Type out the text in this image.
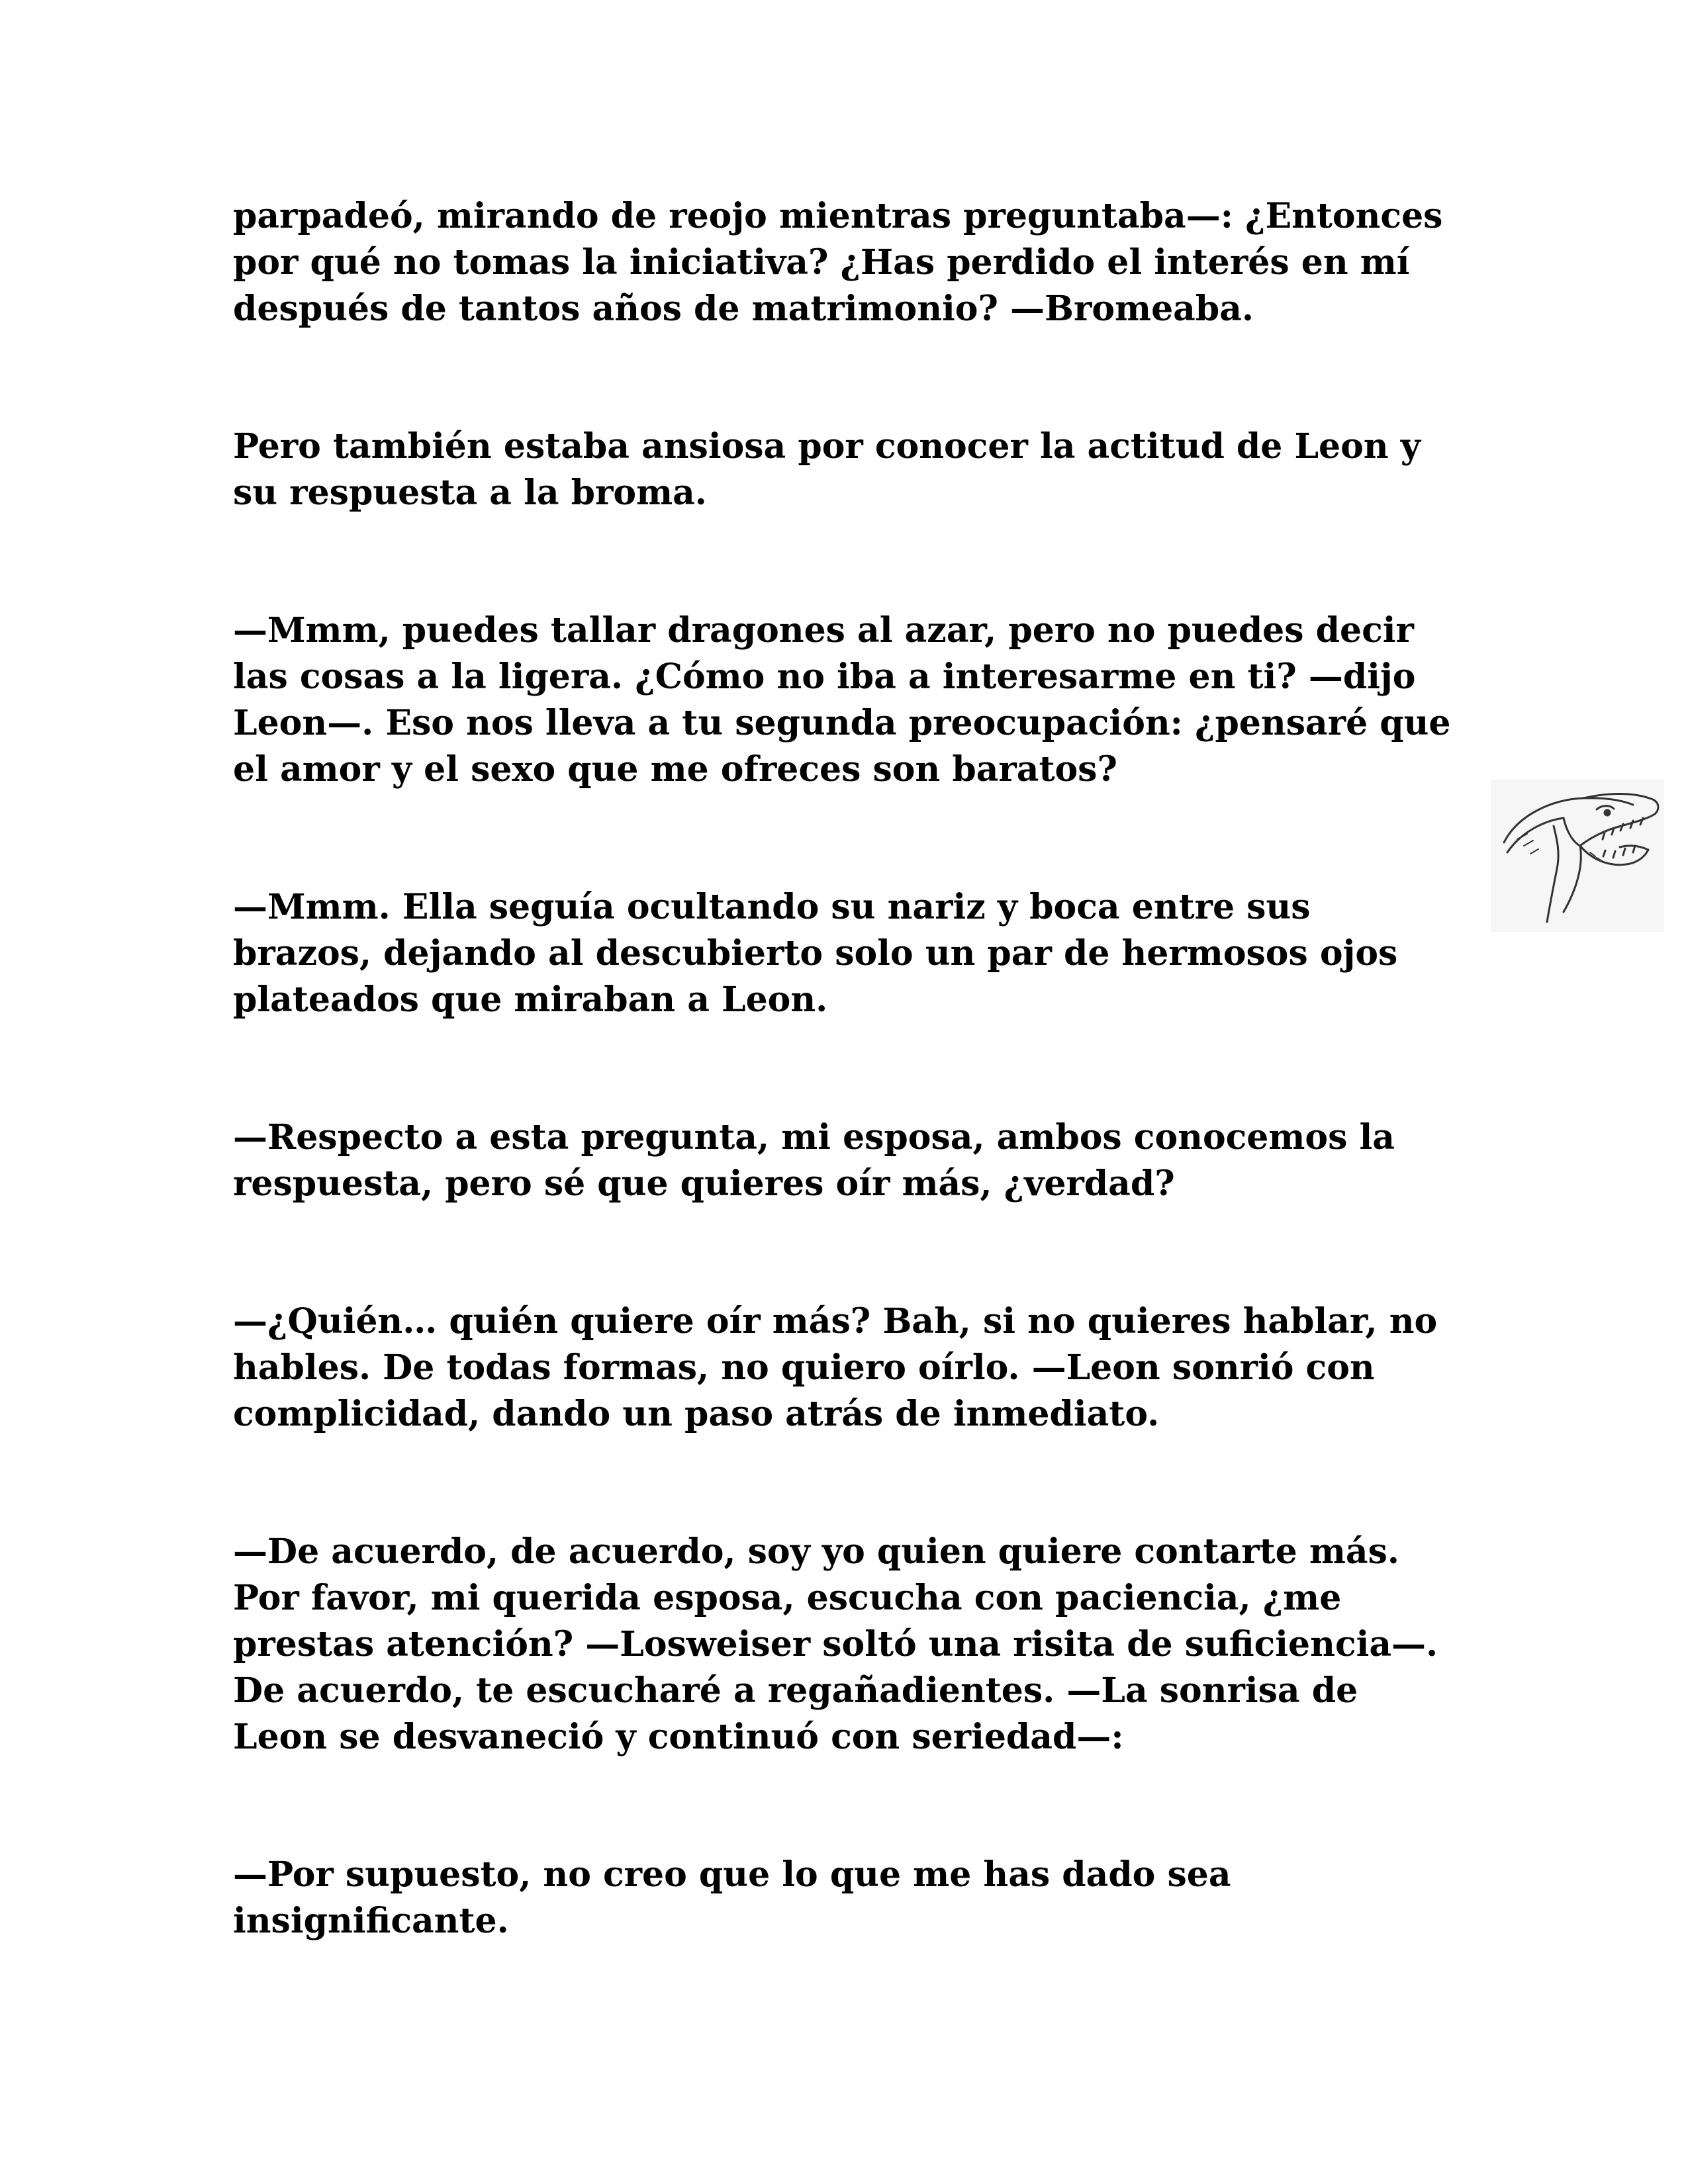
parpadeó, mirando de reojo mientras preguntaba—: ¿Entonces por qué no tomas la iniciativa? ¿Has perdido el interés en mí después de tantos años de matrimonio? —Bromeaba.

Pero también estaba ansiosa por conocer la actitud de Leon y su respuesta a la broma.

—Mmm, puedes tallar dragones al azar, pero no puedes decir las cosas a la ligera. ¿Cómo no iba a interesarme en ti? —dijo Leon—. Eso nos lleva a tu segunda preocupación: ¿pensaré que el amor y el sexo que me ofreces son baratos?

—Mmm. Ella seguía ocultando su nariz y boca entre sus brazos, dejando al descubierto solo un par de hermosos ojos plateados que miraban a Leon.

—Respecto a esta pregunta, mi esposa, ambos conocemos la respuesta, pero sé que quieres oír más, ¿verdad?

—¿Quién… quién quiere oír más? Bah, si no quieres hablar, no hables. De todas formas, no quiero oírlo. —Leon sonrió con complicidad, dando un paso atrás de inmediato.

—De acuerdo, de acuerdo, soy yo quien quiere contarte más. Por favor, mi querida esposa, escucha con paciencia, ¿me prestas atención? —Losweiser soltó una risita de suficiencia—. De acuerdo, te escucharé a regañadientes. —La sonrisa de Leon se desvaneció y continuó con seriedad—:

—Por supuesto, no creo que lo que me has dado sea insignificante.
